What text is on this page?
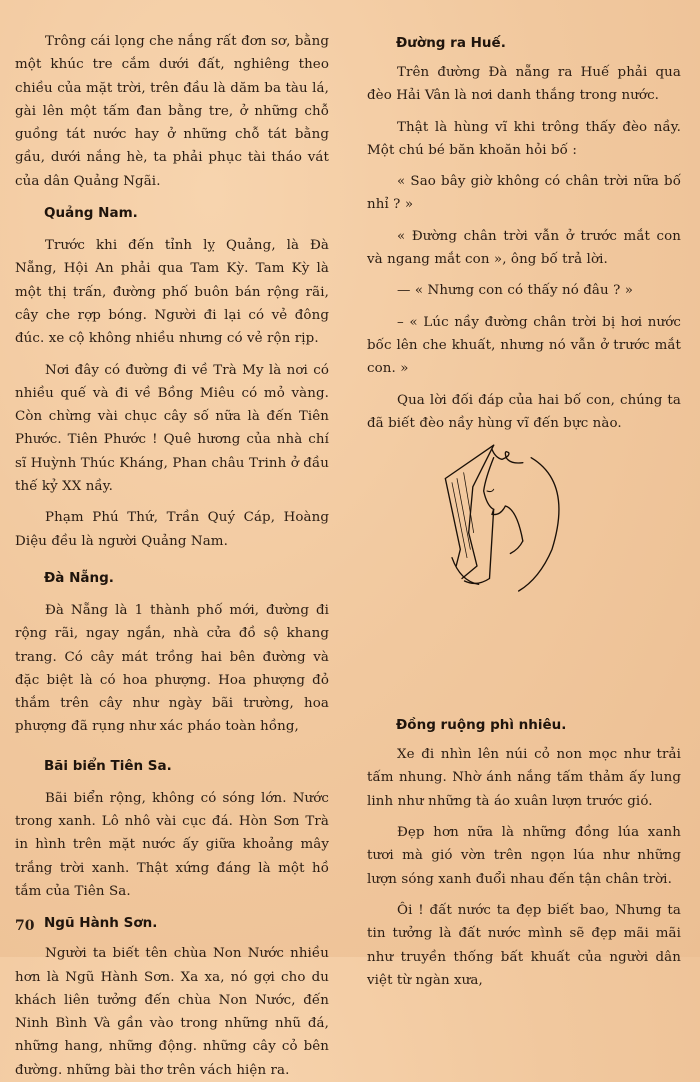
Trông cái lọng che nắng rất đơn sơ, bằng một khúc tre cắm dưới đất, nghiêng theo chiều của mặt trời, trên đầu là dăm ba tàu lá, gài lên một tấm đan bằng tre, ở những chỗ guồng tát nước hay ở những chỗ tát bằng gầu, dưới nắng hè, ta phải phục tài tháo vát của dân Quảng Ngãi.

Quảng Nam.

Trước khi đến tỉnh lỵ Quảng, là Đà Nẵng, Hội An phải qua Tam Kỳ. Tam Kỳ là một thị trấn, đường phố buôn bán rộng rãi, cây che rợp bóng. Người đi lại có vẻ đông đúc. xe cộ không nhiều nhưng có vẻ rộn rịp.

Nơi đây có đường đi về Trà My là nơi có nhiều quế và đi về Bồng Miêu có mỏ vàng. Còn chừng vài chục cây số nữa là đến Tiên Phước. Tiên Phước ! Quê hương của nhà chí sĩ Huỳnh Thúc Kháng, Phan châu Trinh ở đầu thế kỷ XX nầy.

Phạm Phú Thứ, Trần Quý Cáp, Hoàng Diệu đều là người Quảng Nam.

Đà Nẵng.

Đà Nẵng là 1 thành phố mới, đường đi rộng rãi, ngay ngắn, nhà cửa đồ sộ khang trang. Có cây mát trồng hai bên đường và đặc biệt là có hoa phượng. Hoa phượng đỏ thắm trên cây như ngày bãi trường, hoa phượng đã rụng như xác pháo toàn hồng,

Bãi biển Tiên Sa.

Bãi biển rộng, không có sóng lớn. Nước trong xanh. Lô nhô vài cục đá. Hòn Sơn Trà in hình trên mặt nước ấy giữa khoảng mây trắng trời xanh. Thật xứng đáng là một hồ tắm của Tiên Sa.

Ngũ Hành Sơn.

Người ta biết tên chùa Non Nước nhiều hơn là Ngũ Hành Sơn. Xa xa, nó gợi cho du khách liên tưởng đến chùa Non Nước, đến Ninh Bình Và gần vào trong những nhũ đá, những hang, những động. những cây cỏ bên đường. những bài thơ trên vách hiện ra.

Đường ra Huế.

Trên đường Đà nẵng ra Huế phải qua đèo Hải Vân là nơi danh thắng trong nước.

Thật là hùng vĩ khi trông thấy đèo nầy. Một chú bé băn khoăn hỏi bố :

« Sao bây giờ không có chân trời nữa bố nhỉ ? »

« Đường chân trời vẫn ở trước mắt con và ngang mắt con », ông bố trả lời.

— « Nhưng con có thấy nó đâu ? »

– « Lúc nầy đường chân trời bị hơi nước bốc lên che khuất, nhưng nó vẫn ở trước mắt con. »

Qua lời đối đáp của hai bố con, chúng ta đã biết đèo nầy hùng vĩ đến bực nào.

Đồng ruộng phì nhiêu.

Xe đi nhìn lên núi cỏ non mọc như trải tấm nhung. Nhờ ánh nắng tấm thảm ấy lung linh như những tà áo xuân lượn trước gió.

Đẹp hơn nữa là những đồng lúa xanh tươi mà gió vờn trên ngọn lúa như những lượn sóng xanh đuổi nhau đến tận chân trời.

Ôi ! đất nước ta đẹp biết bao, Nhưng ta tin tưởng là đất nước mình sẽ đẹp mãi mãi như truyền thống bất khuất của người dân việt từ ngàn xưa,

70
